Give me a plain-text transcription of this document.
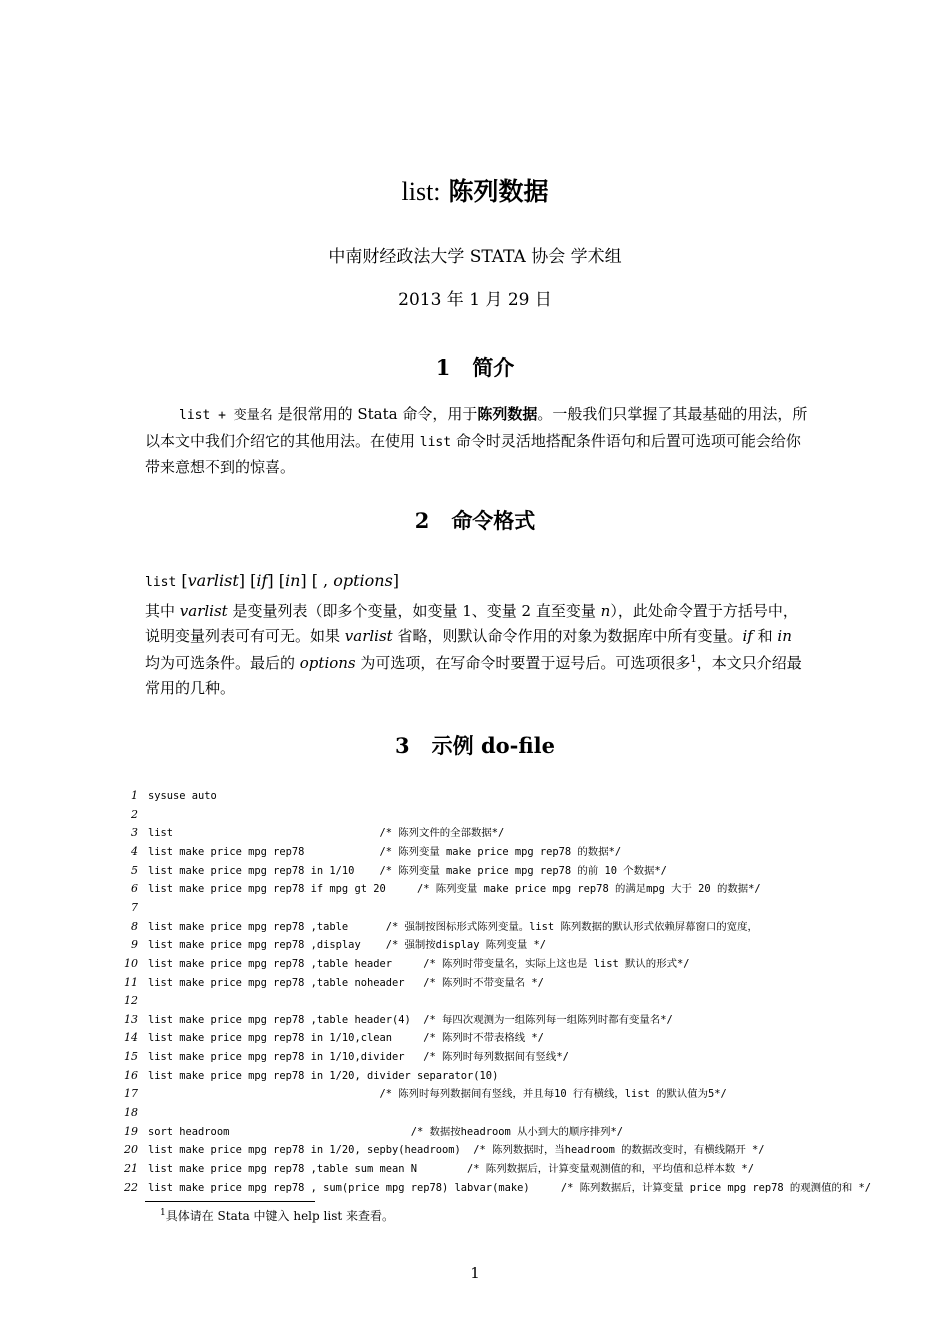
list: 陈列数据
中南财经政法大学 STATA 协会 学术组
2013 年 1 月 29 日
1 简介
list + 变量名 是很常用的 Stata 命令，用于陈列数据。一般我们只掌握了其最基础的用法，所以本文中我们介绍它的其他用法。在使用 list 命令时灵活地搭配条件语句和后置可选项可能会给你带来意想不到的惊喜。
2 命令格式
list [varlist] [if] [in] [ , options]
其中 varlist 是变量列表（即多个变量，如变量 1、变量 2 直至变量 n），此处命令置于方括号中，说明变量列表可有可无。如果 varlist 省略，则默认命令作用的对象为数据库中所有变量。if 和 in 均为可选条件。最后的 options 为可选项，在写命令时要置于逗号后。可选项很多$^1$，本文只介绍最常用的几种。
3 示例 do-file
1 sysuse auto
2
3 list                                 /* 陈列文件的全部数据*/
4 list make price mpg rep78            /* 陈列变量 make price mpg rep78 的数据*/
5 list make price mpg rep78 in 1/10    /* 陈列变量 make price mpg rep78 的前 10 个数据*/
6 list make price mpg rep78 if mpg gt 20     /* 陈列变量 make price mpg rep78 的满足mpg 大于 20 的数据*/
7
8 list make price mpg rep78 ,table      /* 强制按图标形式陈列变量。list 陈列数据的默认形式依赖屏幕窗口的宽度，
9 list make price mpg rep78 ,display    /* 强制按display 陈列变量 */
10 list make price mpg rep78 ,table header     /* 陈列时带变量名，实际上这也是 list 默认的形式*/
11 list make price mpg rep78 ,table noheader   /* 陈列时不带变量名 */
12
13 list make price mpg rep78 ,table header(4)  /* 每四次观测为一组陈列每一组陈列时都有变量名*/
14 list make price mpg rep78 in 1/10,clean     /* 陈列时不带表格线 */
15 list make price mpg rep78 in 1/10,divider   /* 陈列时每列数据间有竖线*/
16 list make price mpg rep78 in 1/20, divider separator(10)
17                                     /* 陈列时每列数据间有竖线，并且每10 行有横线，list 的默认值为5*/
18
19 sort headroom                             /* 数据按headroom 从小到大的顺序排列*/
20 list make price mpg rep78 in 1/20, sepby(headroom)  /* 陈列数据时，当headroom 的数据改变时，有横线隔开 */
21 list make price mpg rep78 ,table sum mean N        /* 陈列数据后，计算变量观测值的和，平均值和总样本数 */
22 list make price mpg rep78 , sum(price mpg rep78) labvar(make)     /* 陈列数据后，计算变量 price mpg rep78 的观测值的和 */
$^1$具体请在 Stata 中键入 help list 来查看。
1
